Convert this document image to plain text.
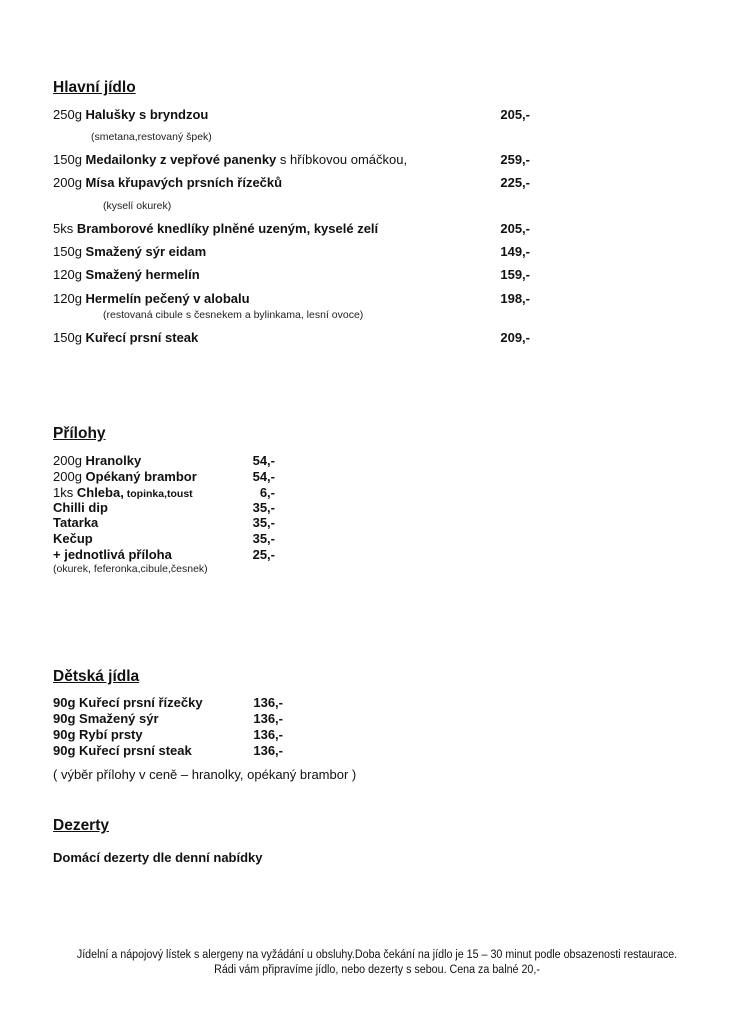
Hlavní jídlo
250g Halušky s bryndzou	205,-
(smetana,restovaný špek)
150g Medailonky z vepřové panenky s hříbkovou omáčkou,	259,-
200g Mísa křupavých prsních řízečků	225,-
(kyselí okurek)
5ks Bramborové knedlíky plněné uzeným, kyselé zelí	205,-
150g Smažený sýr eidam	149,-
120g Smažený hermelín	159,-
120g Hermelín pečený v alobalu	198,-
(restovaná cibule s česnekem a bylinkama, lesní ovoce)
150g Kuřecí prsní steak	209,-
Přílohy
200g Hranolky	54,-
200g Opékaný brambor	54,-
1ks Chleba, topinka,toust	6,-
Chilli dip	35,-
Tatarka	35,-
Kečup	35,-
+ jednotlivá příloha	25,-
(okurek, feferonka,cibule,česnek)
Dětská jídla
90g Kuřecí prsní řízečky	136,-
90g Smažený sýr	136,-
90g Rybí prsty	136,-
90g Kuřecí prsní steak	136,-
( výběr přílohy v ceně – hranolky, opékaný brambor )
Dezerty
Domácí dezerty dle denní nabídky
Jídelní a nápojový lístek s alergeny na vyžádání u obsluhy.Doba čekání na jídlo je 15 – 30 minut podle obsazenosti restaurace.
Rádi vám připravíme jídlo, nebo dezerty s sebou. Cena za balné 20,-
